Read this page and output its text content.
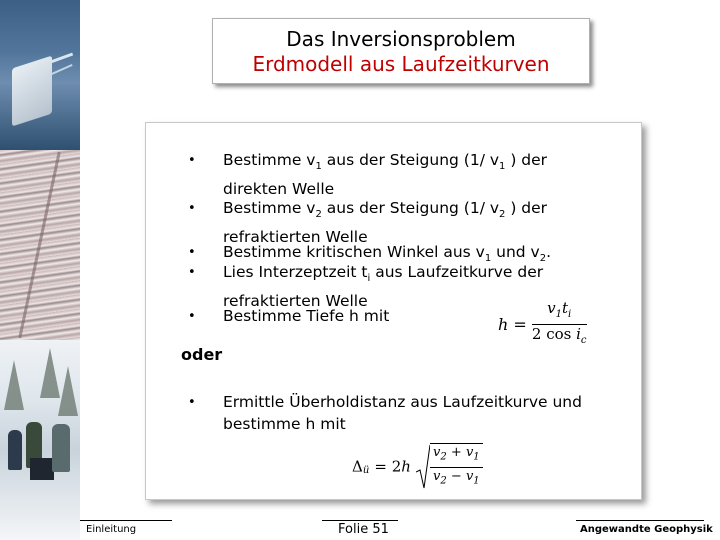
Das Inversionsproblem
Erdmodell aus Laufzeitkurven
• Bestimme $v_1$ aus der Steigung (1/ $v_1$ ) der
direkten Welle
• Bestimme $v_2$ aus der Steigung (1/ $v_2$ ) der
refraktierten Welle
• Bestimme kritischen Winkel aus $v_1$ und $v_2$.
• Lies Interzeptzeit $t_i$ aus Laufzeitkurve der
refraktierten Welle
• Bestimme Tiefe h mit	$h = \frac{v_1t_i}{2 \cos i_c}$
oder
• Ermittle Überholdistanz aus Laufzeitkurve und
bestimme h mit
$\Delta_ü = 2h \frac{v_2 + v_1}{v_2 - v_1}$
Einleitung	Folie 51	Angewandte Geophysik
